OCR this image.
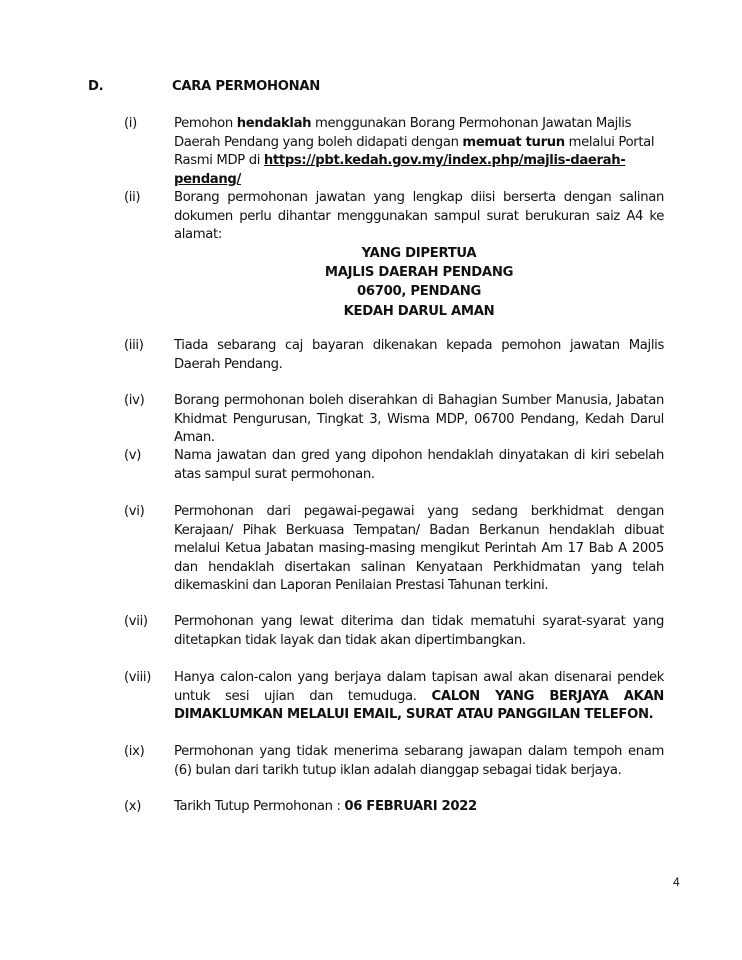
D.	CARA PERMOHONAN
(i)	Pemohon hendaklah menggunakan Borang Permohonan Jawatan Majlis Daerah Pendang yang boleh didapati dengan memuat turun melalui Portal Rasmi MDP di https://pbt.kedah.gov.my/index.php/majlis-daerah-pendang/
(ii)	Borang permohonan jawatan yang lengkap diisi berserta dengan salinan dokumen perlu dihantar menggunakan sampul surat berukuran saiz A4 ke alamat:
YANG DIPERTUA
MAJLIS DAERAH PENDANG
06700, PENDANG
KEDAH DARUL AMAN
(iii)	Tiada sebarang caj bayaran dikenakan kepada pemohon jawatan Majlis Daerah Pendang.
(iv)	Borang permohonan boleh diserahkan di Bahagian Sumber Manusia, Jabatan Khidmat Pengurusan, Tingkat 3, Wisma MDP, 06700 Pendang, Kedah Darul Aman.
(v)	Nama jawatan dan gred yang dipohon hendaklah dinyatakan di kiri sebelah atas sampul surat permohonan.
(vi)	Permohonan dari pegawai-pegawai yang sedang berkhidmat dengan Kerajaan/ Pihak Berkuasa Tempatan/ Badan Berkanun hendaklah dibuat melalui Ketua Jabatan masing-masing mengikut Perintah Am 17 Bab A 2005 dan hendaklah disertakan salinan Kenyataan Perkhidmatan yang telah dikemaskini dan Laporan Penilaian Prestasi Tahunan terkini.
(vii)	Permohonan yang lewat diterima dan tidak mematuhi syarat-syarat yang ditetapkan tidak layak dan tidak akan dipertimbangkan.
(viii)	Hanya calon-calon yang berjaya dalam tapisan awal akan disenarai pendek untuk sesi ujian dan temuduga. CALON YANG BERJAYA AKAN DIMAKLUMKAN MELALUI EMAIL, SURAT ATAU PANGGILAN TELEFON.
(ix)	Permohonan yang tidak menerima sebarang jawapan dalam tempoh enam (6) bulan dari tarikh tutup iklan adalah dianggap sebagai tidak berjaya.
(x)	Tarikh Tutup Permohonan : 06 FEBRUARI 2022
4
